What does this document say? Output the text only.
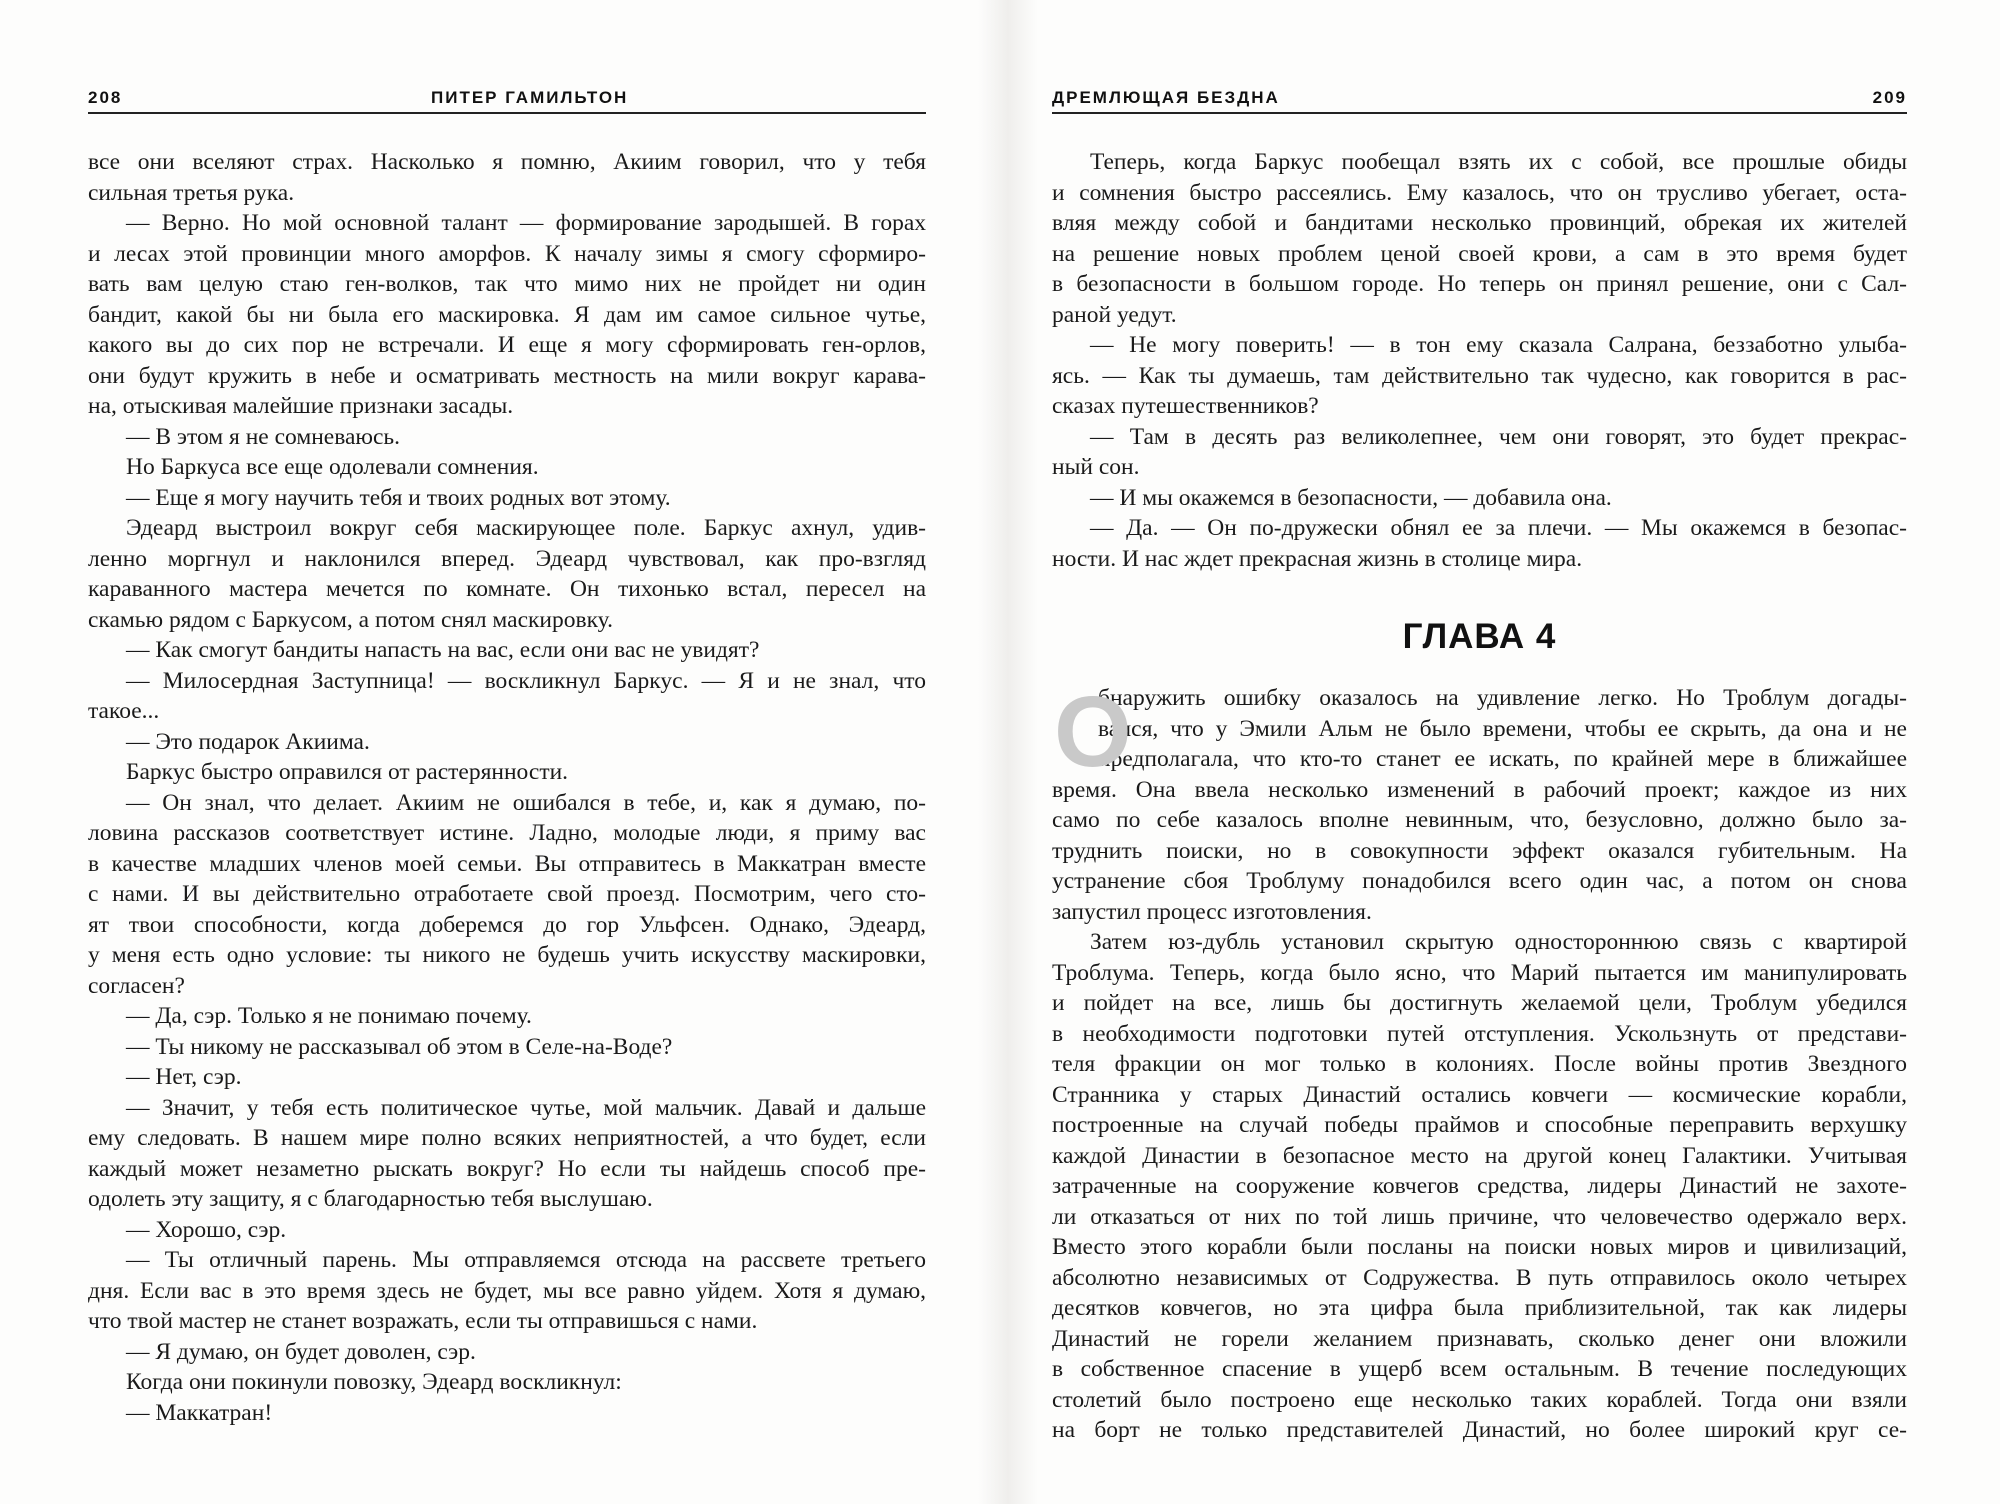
208	ПИТЕР ГАМИЛЬТОН
все они вселяют страх. Насколько я помню, Акиим говорил, что у тебя
сильная третья рука.
— Верно. Но мой основной талант — формирование зародышей. В горах
и лесах этой провинции много аморфов. К началу зимы я смогу сформиро-
вать вам целую стаю ген-волков, так что мимо них не пройдет ни один
бандит, какой бы ни была его маскировка. Я дам им самое сильное чутье,
какого вы до сих пор не встречали. И еще я могу сформировать ген-орлов,
они будут кружить в небе и осматривать местность на мили вокруг карава-
на, отыскивая малейшие признаки засады.
— В этом я не сомневаюсь.
Но Баркуса все еще одолевали сомнения.
— Еще я могу научить тебя и твоих родных вот этому.
Эдеард выстроил вокруг себя маскирующее поле. Баркус ахнул, удив-
ленно моргнул и наклонился вперед. Эдеард чувствовал, как про-взгляд
караванного мастера мечется по комнате. Он тихонько встал, пересел на
скамью рядом с Баркусом, а потом снял маскировку.
— Как смогут бандиты напасть на вас, если они вас не увидят?
— Милосердная Заступница! — воскликнул Баркус. — Я и не знал, что
такое...
— Это подарок Акиима.
Баркус быстро оправился от растерянности.
— Он знал, что делает. Акиим не ошибался в тебе, и, как я думаю, по-
ловина рассказов соответствует истине. Ладно, молодые люди, я приму вас
в качестве младших членов моей семьи. Вы отправитесь в Маккатран вместе
с нами. И вы действительно отработаете свой проезд. Посмотрим, чего сто-
ят твои способности, когда доберемся до гор Ульфсен. Однако, Эдеард,
у меня есть одно условие: ты никого не будешь учить искусству маскировки,
согласен?
— Да, сэр. Только я не понимаю почему.
— Ты никому не рассказывал об этом в Селе-на-Воде?
— Нет, сэр.
— Значит, у тебя есть политическое чутье, мой мальчик. Давай и дальше
ему следовать. В нашем мире полно всяких неприятностей, а что будет, если
каждый может незаметно рыскать вокруг? Но если ты найдешь способ пре-
одолеть эту защиту, я с благодарностью тебя выслушаю.
— Хорошо, сэр.
— Ты отличный парень. Мы отправляемся отсюда на рассвете третьего
дня. Если вас в это время здесь не будет, мы все равно уйдем. Хотя я думаю,
что твой мастер не станет возражать, если ты отправишься с нами.
— Я думаю, он будет доволен, сэр.
Когда они покинули повозку, Эдеард воскликнул:
— Маккатран!
ДРЕМЛЮЩАЯ БЕЗДНА	209
Теперь, когда Баркус пообещал взять их с собой, все прошлые обиды
и сомнения быстро рассеялись. Ему казалось, что он трусливо убегает, оста-
вляя между собой и бандитами несколько провинций, обрекая их жителей
на решение новых проблем ценой своей крови, а сам в это время будет
в безопасности в большом городе. Но теперь он принял решение, они с Сал-
раной уедут.
— Не могу поверить! — в тон ему сказала Салрана, беззаботно улыба-
ясь. — Как ты думаешь, там действительно так чудесно, как говорится в рас-
сказах путешественников?
— Там в десять раз великолепнее, чем они говорят, это будет прекрас-
ный сон.
— И мы окажемся в безопасности, — добавила она.
— Да. — Он по-дружески обнял ее за плечи. — Мы окажемся в безопас-
ности. И нас ждет прекрасная жизнь в столице мира.
ГЛАВА 4
О
бнаружить ошибку оказалось на удивление легко. Но Троблум догады-
вался, что у Эмили Альм не было времени, чтобы ее скрыть, да она и не
предполагала, что кто-то станет ее искать, по крайней мере в ближайшее
время. Она ввела несколько изменений в рабочий проект; каждое из них
само по себе казалось вполне невинным, что, безусловно, должно было за-
труднить поиски, но в совокупности эффект оказался губительным. На
устранение сбоя Троблуму понадобился всего один час, а потом он снова
запустил процесс изготовления.
Затем юз-дубль установил скрытую одностороннюю связь с квартирой
Троблума. Теперь, когда было ясно, что Марий пытается им манипулировать
и пойдет на все, лишь бы достигнуть желаемой цели, Троблум убедился
в необходимости подготовки путей отступления. Ускользнуть от представи-
теля фракции он мог только в колониях. После войны против Звездного
Странника у старых Династий остались ковчеги — космические корабли,
построенные на случай победы праймов и способные переправить верхушку
каждой Династии в безопасное место на другой конец Галактики. Учитывая
затраченные на сооружение ковчегов средства, лидеры Династий не захоте-
ли отказаться от них по той лишь причине, что человечество одержало верх.
Вместо этого корабли были посланы на поиски новых миров и цивилизаций,
абсолютно независимых от Содружества. В путь отправилось около четырех
десятков ковчегов, но эта цифра была приблизительной, так как лидеры
Династий не горели желанием признавать, сколько денег они вложили
в собственное спасение в ущерб всем остальным. В течение последующих
столетий было построено еще несколько таких кораблей. Тогда они взяли
на борт не только представителей Династий, но более широкий круг се-
